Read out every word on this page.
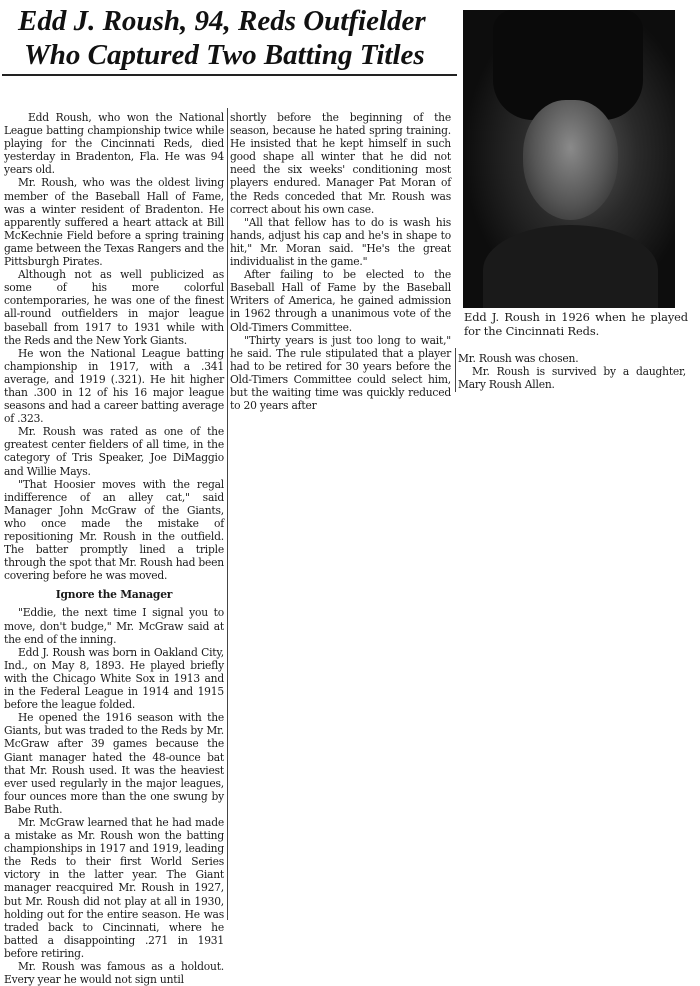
Edd J. Roush, 94, Reds Outfielder
Who Captured Two Batting Titles

Edd Roush, who won the National League batting championship twice while playing for the Cincinnati Reds, died yesterday in Bradenton, Fla. He was 94 years old.

Mr. Roush, who was the oldest living member of the Baseball Hall of Fame, was a winter resident of Bradenton. He apparently suffered a heart attack at Bill McKechnie Field before a spring training game between the Texas Rangers and the Pittsburgh Pirates.

Although not as well publicized as some of his more colorful contemporaries, he was one of the finest all-round outfielders in major league baseball from 1917 to 1931 while with the Reds and the New York Giants.

He won the National League batting championship in 1917, with a .341 average, and 1919 (.321). He hit higher than .300 in 12 of his 16 major league seasons and had a career batting average of .323.

Mr. Roush was rated as one of the greatest center fielders of all time, in the category of Tris Speaker, Joe DiMaggio and Willie Mays.

"That Hoosier moves with the regal indifference of an alley cat," said Manager John McGraw of the Giants, who once made the mistake of repositioning Mr. Roush in the outfield. The batter promptly lined a triple through the spot that Mr. Roush had been covering before he was moved.

Ignore the Manager

"Eddie, the next time I signal you to move, don't budge," Mr. McGraw said at the end of the inning.

Edd J. Roush was born in Oakland City, Ind., on May 8, 1893. He played briefly with the Chicago White Sox in 1913 and in the Federal League in 1914 and 1915 before the league folded.

He opened the 1916 season with the Giants, but was traded to the Reds by Mr. McGraw after 39 games because the Giant manager hated the 48-ounce bat that Mr. Roush used. It was the heaviest ever used regularly in the major leagues, four ounces more than the one swung by Babe Ruth.

Mr. McGraw learned that he had made a mistake as Mr. Roush won the batting championships in 1917 and 1919, leading the Reds to their first World Series victory in the latter year. The Giant manager reacquired Mr. Roush in 1927, but Mr. Roush did not play at all in 1930, holding out for the entire season. He was traded back to Cincinnati, where he batted a disappointing .271 in 1931 before retiring.

Mr. Roush was famous as a holdout. Every year he would not sign until

shortly before the beginning of the season, because he hated spring training. He insisted that he kept himself in such good shape all winter that he did not need the six weeks' conditioning most players endured. Manager Pat Moran of the Reds conceded that Mr. Roush was correct about his own case.

"All that fellow has to do is wash his hands, adjust his cap and he's in shape to hit," Mr. Moran said. "He's the great individualist in the game."

After failing to be elected to the Baseball Hall of Fame by the Baseball Writers of America, he gained admission in 1962 through a unanimous vote of the Old-Timers Committee.

"Thirty years is just too long to wait," he said. The rule stipulated that a player had to be retired for 30 years before the Old-Timers Committee could select him, but the waiting time was quickly reduced to 20 years after

Edd J. Roush in 1926 when he played for the Cincinnati Reds.

Mr. Roush was chosen.

Mr. Roush is survived by a daughter, Mary Roush Allen.
